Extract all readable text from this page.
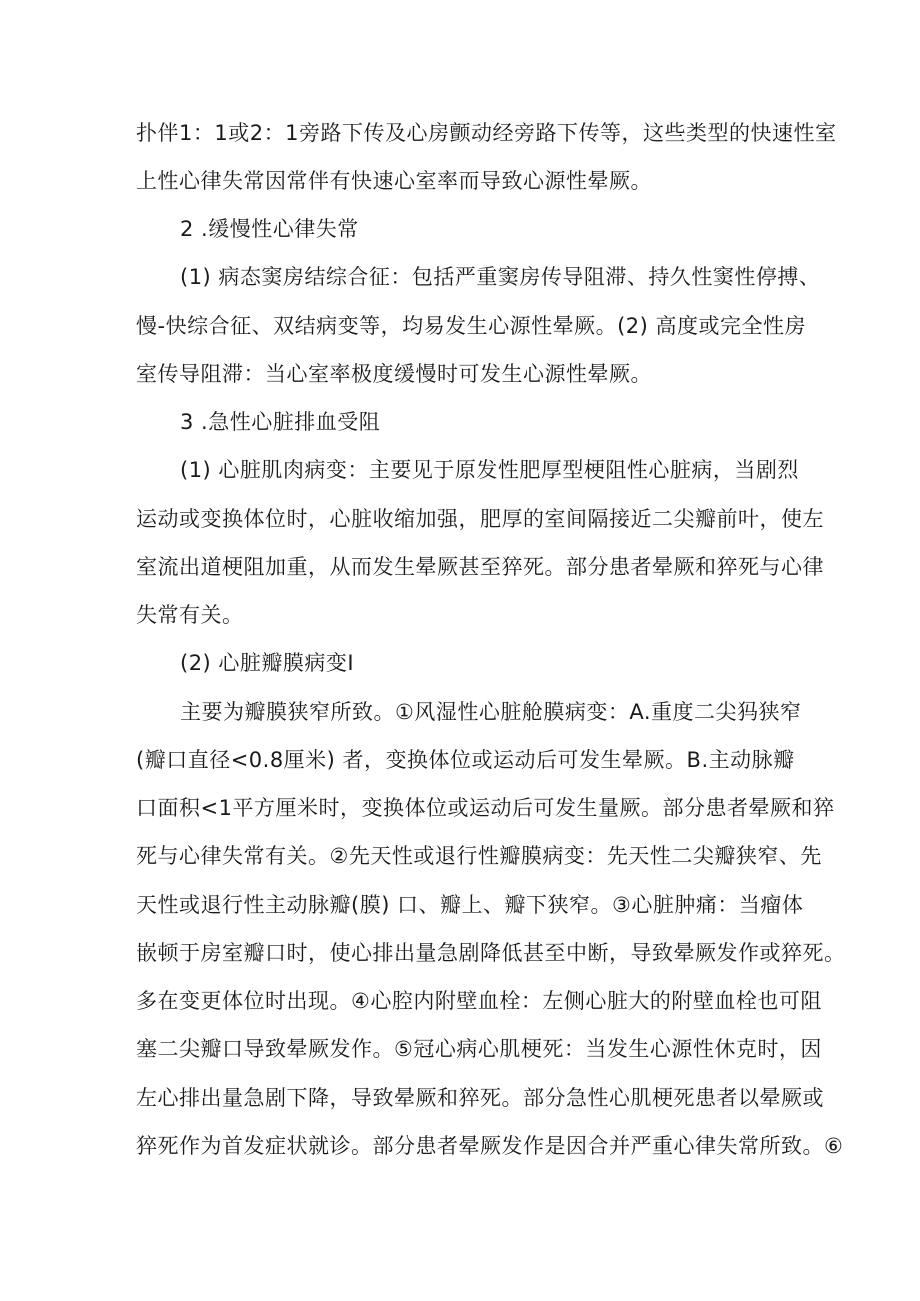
扑伴1：1或2：1旁路下传及心房颤动经旁路下传等，这些类型的快速性室
上性心律失常因常伴有快速心室率而导致心源性晕厥。
2 .缓慢性心律失常
(1) 病态窦房结综合征：包括严重窦房传导阻滞、持久性窦性停搏、
慢-快综合征、双结病变等，均易发生心源性晕厥。(2) 高度或完全性房
室传导阻滞：当心室率极度缓慢时可发生心源性晕厥。
3 .急性心脏排血受阻
(1) 心脏肌肉病变：主要见于原发性肥厚型梗阻性心脏病，当剧烈
运动或变换体位时，心脏收缩加强，肥厚的室间隔接近二尖瓣前叶，使左
室流出道梗阻加重，从而发生晕厥甚至猝死。部分患者晕厥和猝死与心律
失常有关。
(2) 心脏瓣膜病变I
主要为瓣膜狭窄所致。①风湿性心脏舱膜病变：A.重度二尖犸狭窄
(瓣口直径<0.8厘米) 者，变换体位或运动后可发生晕厥。B.主动脉瓣
口面积<1平方厘米时，变换体位或运动后可发生量厥。部分患者晕厥和猝
死与心律失常有关。②先天性或退行性瓣膜病变：先天性二尖瓣狭窄、先
天性或退行性主动脉瓣(膜) 口、瓣上、瓣下狭窄。③心脏肿痛：当瘤体
嵌顿于房室瓣口时，使心排出量急剧降低甚至中断，导致晕厥发作或猝死。
多在变更体位时出现。④心腔内附壁血栓：左侧心脏大的附壁血栓也可阻
塞二尖瓣口导致晕厥发作。⑤冠心病心肌梗死：当发生心源性休克时，因
左心排出量急剧下降，导致晕厥和猝死。部分急性心肌梗死患者以晕厥或
猝死作为首发症状就诊。部分患者晕厥发作是因合并严重心律失常所致。⑥
